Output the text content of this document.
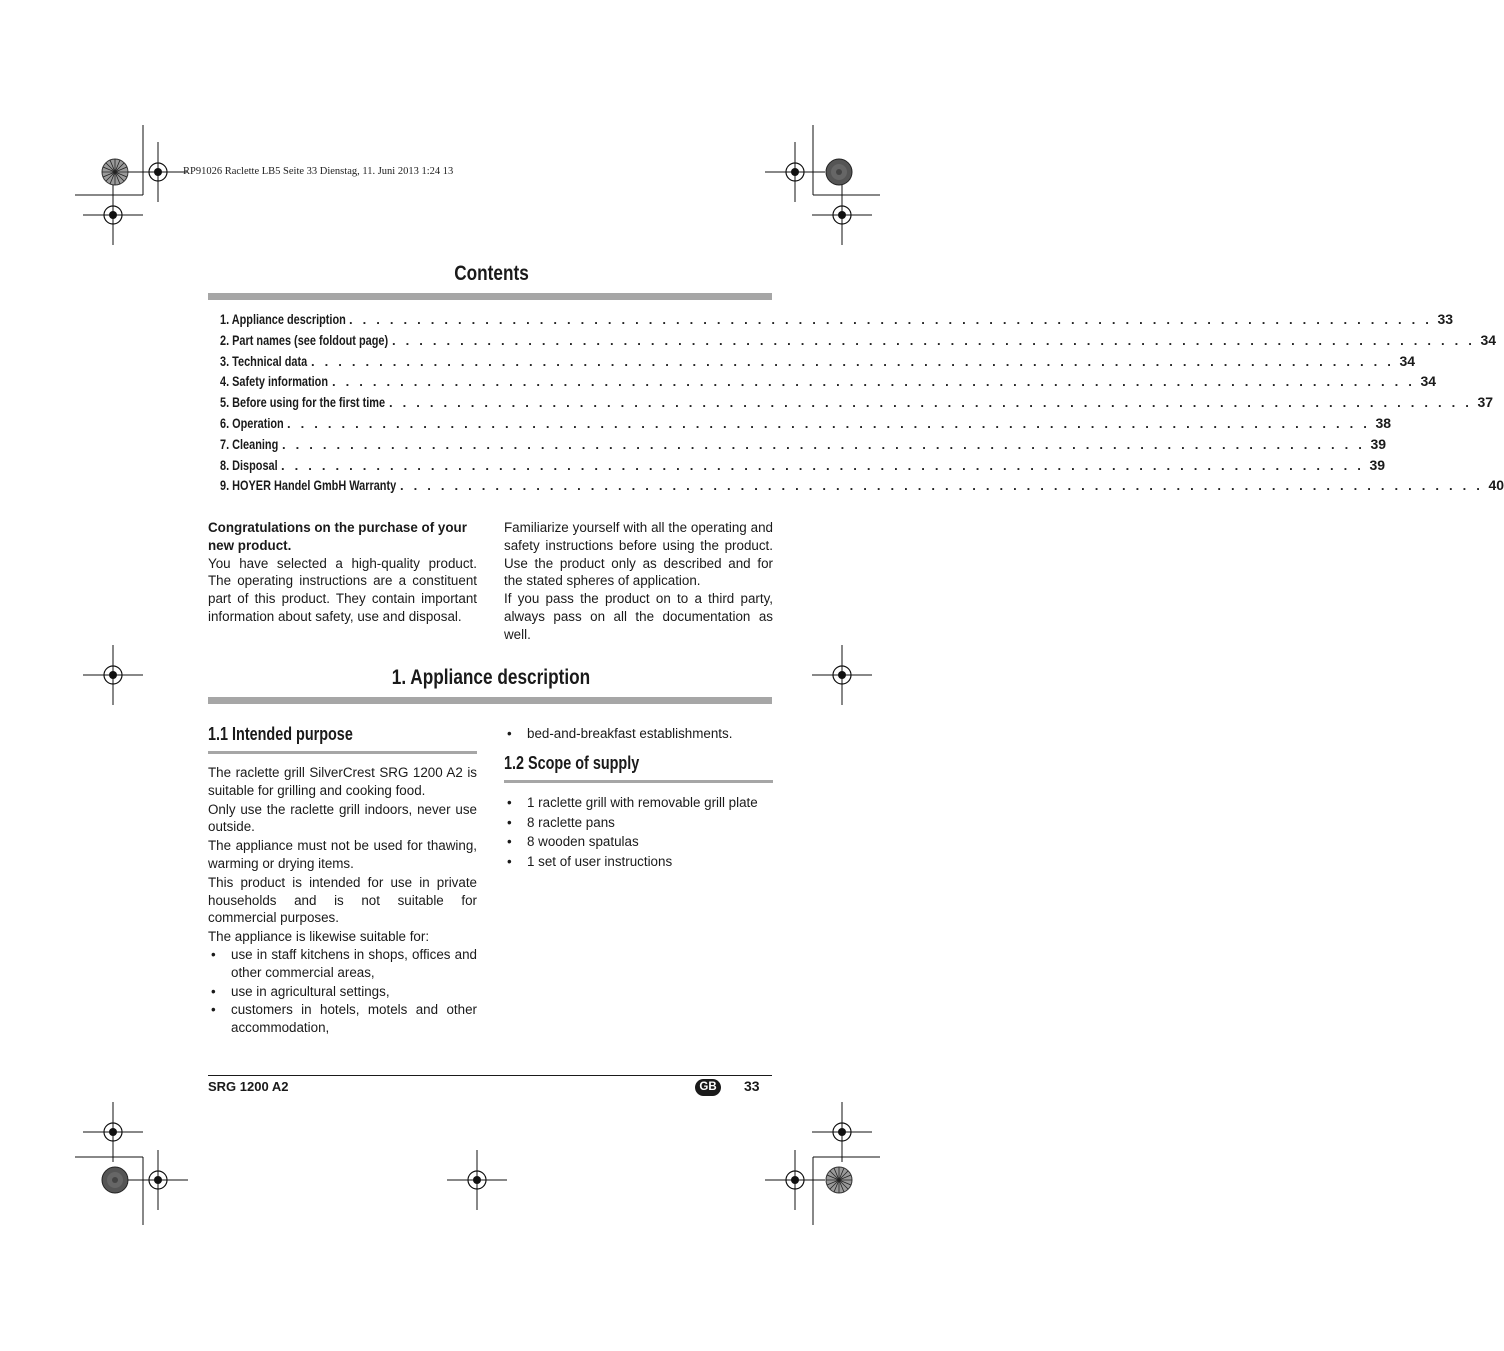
RP91026 Raclette LB5 Seite 33 Dienstag, 11. Juni 2013 1:24 13
Contents
1. Appliance description . . . . . . . . . . . . . . . . . . . . . . . . . . . . . . . . . . . . . . . . . . . . . . . . . . . . . . . . . . . . . . . . . . . . . . . . . . . . . . . . 33
2. Part names (see foldout page) . . . . . . . . . . . . . . . . . . . . . . . . . . . . . . . . . . . . . . . . . . . . . . . . . . . . . . . . . . . . . . . . . . . . . . . . . . . . . . . . 34
3. Technical data . . . . . . . . . . . . . . . . . . . . . . . . . . . . . . . . . . . . . . . . . . . . . . . . . . . . . . . . . . . . . . . . . . . . . . . . . . . . . . . . 34
4. Safety information . . . . . . . . . . . . . . . . . . . . . . . . . . . . . . . . . . . . . . . . . . . . . . . . . . . . . . . . . . . . . . . . . . . . . . . . . . . . . . . . 34
5. Before using for the first time . . . . . . . . . . . . . . . . . . . . . . . . . . . . . . . . . . . . . . . . . . . . . . . . . . . . . . . . . . . . . . . . . . . . . . . . . . . . . . . . 37
6. Operation . . . . . . . . . . . . . . . . . . . . . . . . . . . . . . . . . . . . . . . . . . . . . . . . . . . . . . . . . . . . . . . . . . . . . . . . . . . . . . . . 38
7. Cleaning . . . . . . . . . . . . . . . . . . . . . . . . . . . . . . . . . . . . . . . . . . . . . . . . . . . . . . . . . . . . . . . . . . . . . . . . . . . . . . . . 39
8. Disposal . . . . . . . . . . . . . . . . . . . . . . . . . . . . . . . . . . . . . . . . . . . . . . . . . . . . . . . . . . . . . . . . . . . . . . . . . . . . . . . . 39
9. HOYER Handel GmbH Warranty . . . . . . . . . . . . . . . . . . . . . . . . . . . . . . . . . . . . . . . . . . . . . . . . . . . . . . . . . . . . . . . . . . . . . . . . . . . . . . . . 40

Congratulations on the purchase of your new product.

You have selected a high-quality product. The operating instructions are a constituent part of this product. They contain important information about safety, use and disposal.

Familiarize yourself with all the operating and safety instructions before using the product. Use the product only as described and for the stated spheres of application.

If you pass the product on to a third party, always pass on all the documentation as well.

1. Appliance description
1.1 Intended purpose

The raclette grill SilverCrest SRG 1200 A2 is suitable for grilling and cooking food.

Only use the raclette grill indoors, never use outside.

The appliance must not be used for thawing, warming or drying items.

This product is intended for use in private households and is not suitable for commercial purposes.

The appliance is likewise suitable for:

• use in staff kitchens in shops, offices and other commercial areas,
• use in agricultural settings,
• customers in hotels, motels and other accommodation,
• bed-and-breakfast establishments.
1.2 Scope of supply
• 1 raclette grill with removable grill plate
• 8 raclette pans
• 8 wooden spatulas
• 1 set of user instructions
SRG 1200 A2	GB	33
